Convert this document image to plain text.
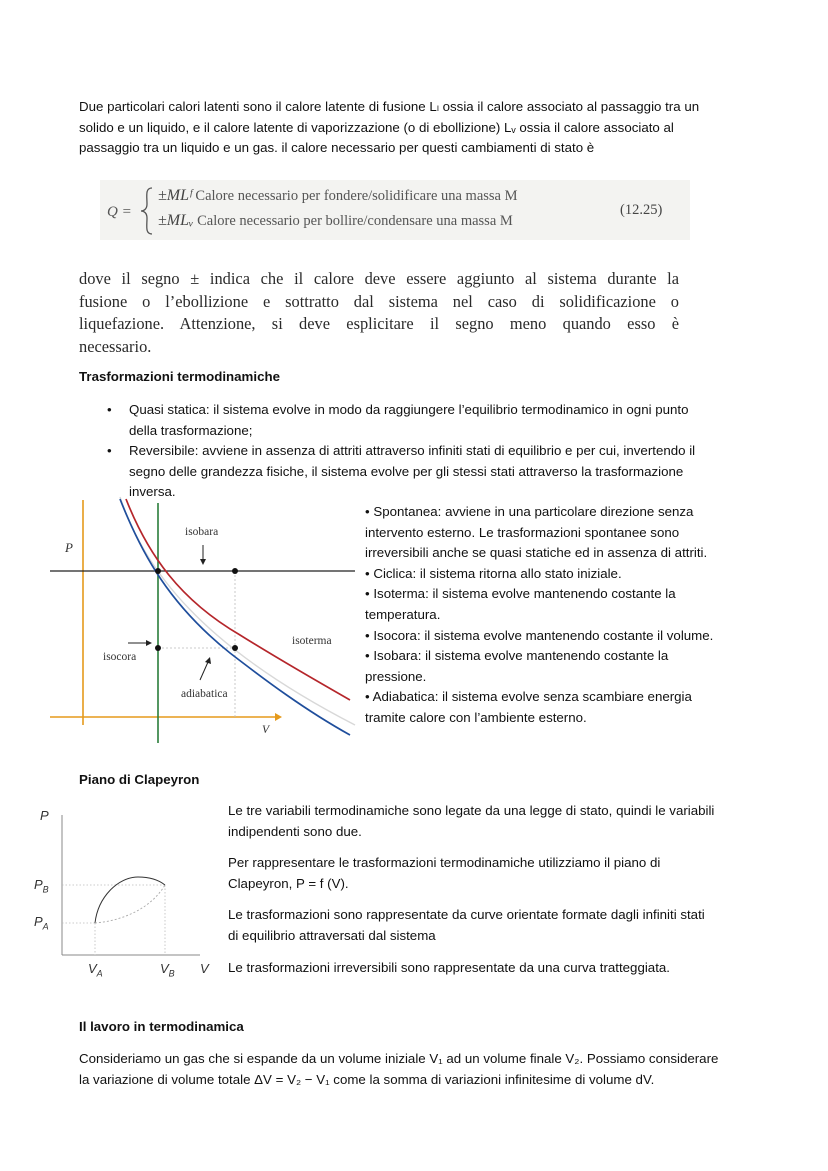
Due particolari calori latenti sono il calore latente di fusione Lₗ ossia il calore associato al passaggio tra un
solido e un liquido, e il calore latente di vaporizzazione (o di ebollizione) Lᵥ ossia il calore associato al
passaggio tra un liquido e un gas. il calore necessario per questi cambiamenti di stato è
Q =
±MLᶠ Calore necessario per fondere/solidificare una massa M
±MLᵥ Calore necessario per bollire/condensare una massa M
(12.25)
dove il segno ± indica che il calore deve essere aggiunto al sistema durante la
fusione o l’ebollizione e sottratto dal sistema nel caso di solidificazione o
liquefazione. Attenzione, si deve esplicitare il segno meno quando esso è
necessario.
Trasformazioni termodinamiche
• Quasi statica: il sistema evolve in modo da raggiungere l’equilibrio termodinamico in ogni punto
della trasformazione;
• Reversibile: avviene in assenza di attriti attraverso infiniti stati di equilibrio e per cui, invertendo il
segno delle grandezza fisiche, il sistema evolve per gli stessi stati attraverso la trasformazione
inversa.
P
V
isobara
isoterma
isocora
adiabatica
• Spontanea: avviene in una particolare direzione senza
intervento esterno. Le trasformazioni spontanee sono
irreversibili anche se quasi statiche ed in assenza di attriti.
• Ciclica: il sistema ritorna allo stato iniziale.
• Isoterma: il sistema evolve mantenendo costante la
temperatura.
• Isocora: il sistema evolve mantenendo costante il volume.
• Isobara: il sistema evolve mantenendo costante la
pressione.
• Adiabatica: il sistema evolve senza scambiare energia
tramite calore con l’ambiente esterno.
Piano di Clapeyron
P
$P_B$
$P_A$
$V_A$	$V_B$ V
Le tre variabili termodinamiche sono legate da una legge di stato, quindi le variabili
indipendenti sono due.
Per rappresentare le trasformazioni termodinamiche utilizziamo il piano di
Clapeyron, P = f (V).
Le trasformazioni sono rappresentate da curve orientate formate dagli infiniti stati
di equilibrio attraversati dal sistema
Le trasformazioni irreversibili sono rappresentate da una curva tratteggiata.
Il lavoro in termodinamica
Consideriamo un gas che si espande da un volume iniziale V₁ ad un volume finale V₂. Possiamo considerare
la variazione di volume totale ΔV = V₂ − V₁ come la somma di variazioni infinitesime di volume dV.
